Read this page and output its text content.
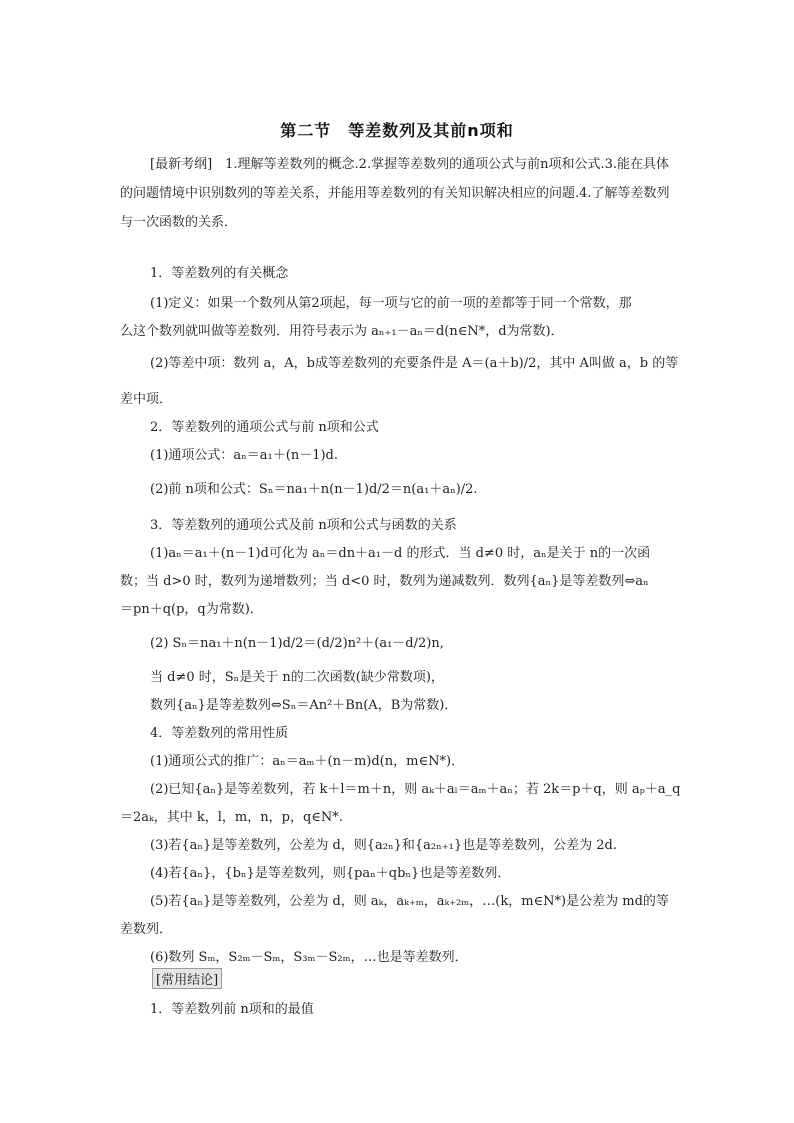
第二节　等差数列及其前n项和
[最新考纲]　1.理解等差数列的概念.2.掌握等差数列的通项公式与前n项和公式.3.能在具体的问题情境中识别数列的等差关系，并能用等差数列的有关知识解决相应的问题.4.了解等差数列与一次函数的关系．
1．等差数列的有关概念
(1)定义：如果一个数列从第2项起，每一项与它的前一项的差都等于同一个常数，那
么这个数列就叫做等差数列．用符号表示为 aₙ₊₁－aₙ＝d(n∈N*，d为常数)．
(2)等差中项：数列 a，A，b成等差数列的充要条件是 A＝(a＋b)/2，其中 A叫做 a，b 的等
差中项．
2．等差数列的通项公式与前 n项和公式
(1)通项公式：aₙ＝a₁＋(n－1)d.
(2)前 n项和公式：Sₙ＝na₁＋n(n－1)d/2＝n(a₁＋aₙ)/2.
3．等差数列的通项公式及前 n项和公式与函数的关系
(1)aₙ＝a₁＋(n－1)d可化为 aₙ＝dn＋a₁－d 的形式．当 d≠0 时，aₙ是关于 n的一次函
数；当 d>0 时，数列为递增数列；当 d<0 时，数列为递减数列．数列{aₙ}是等差数列⇔aₙ
＝pn＋q(p，q为常数)．
(2) Sₙ＝na₁＋n(n－1)d/2＝(d/2)n²＋(a₁－d/2)n,
当 d≠0 时，Sₙ是关于 n的二次函数(缺少常数项)，
数列{aₙ}是等差数列⇔Sₙ＝An²＋Bn(A，B为常数)．
4．等差数列的常用性质
(1)通项公式的推广：aₙ＝aₘ＋(n－m)d(n，m∈N*)．
(2)已知{aₙ}是等差数列，若 k＋l＝m＋n，则 aₖ＋aₗ＝aₘ＋aₙ；若 2k＝p＋q，则 aₚ＋a_q
＝2aₖ，其中 k，l，m，n，p，q∈N*.
(3)若{aₙ}是等差数列，公差为 d，则{a₂ₙ}和{a₂ₙ₊₁}也是等差数列，公差为 2d.
(4)若{aₙ}，{bₙ}是等差数列，则{paₙ＋qbₙ}也是等差数列．
(5)若{aₙ}是等差数列，公差为 d，则 aₖ，aₖ₊ₘ，aₖ₊₂ₘ，…(k，m∈N*)是公差为 md的等
差数列．
(6)数列 Sₘ，S₂ₘ－Sₘ，S₃ₘ－S₂ₘ，…也是等差数列．
[常用结论]
1．等差数列前 n项和的最值
